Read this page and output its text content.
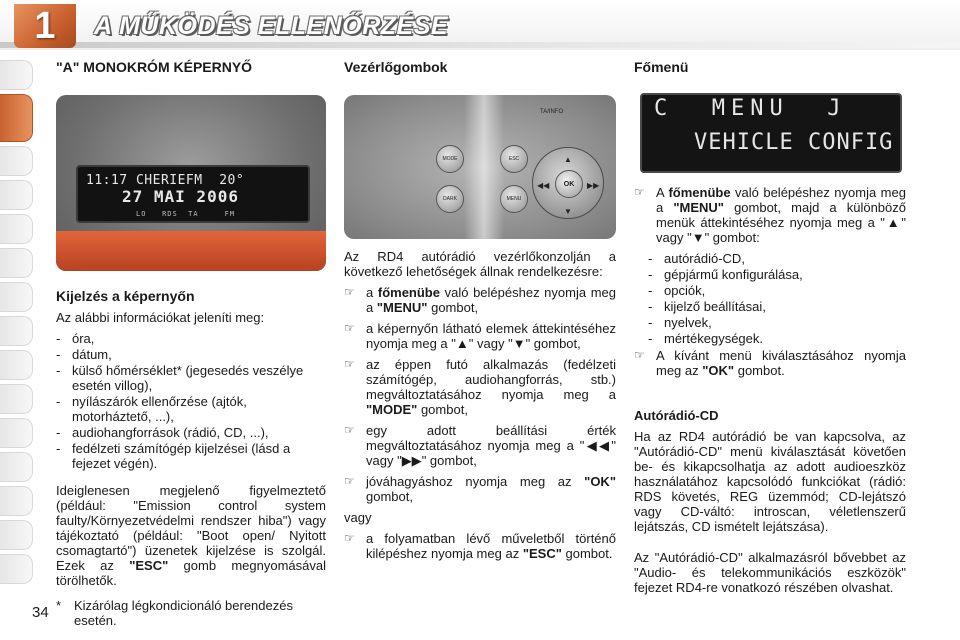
1	A MŰKÖDÉS ELLENŐRZÉSE
"A" MONOKRÓM KÉPERNYŐ
11:17 CHERIEFM  20°
27 MAI 2006
LO   RDS  TA     FM
Kijelzés a képernyőn
Az alábbi információkat jeleníti meg:
- óra,
- dátum,
- külső hőmérséklet* (jegesedés veszélye esetén villog),
- nyílászárók ellenőrzése (ajtók, motorháztető, ...),
- audiohangforrások (rádió, CD, ...),
- fedélzeti számítógép kijelzései (lásd a fejezet végén).
Ideiglenesen megjelenő figyelmeztető (például: "Emission control system faulty/Környezetvédelmi rendszer hiba") vagy tájékoztató (például: "Boot open/ Nyitott csomagtartó") üzenetek kijelzése is szolgál. Ezek az "ESC" gomb megnyomásával törölhetők.
* Kizárólag légkondicionáló berendezés esetén.
Vezérlőgombok
TA/INFO
MODE
DARK
ESC
MENU
▲
▼
◀◀	▶▶
OK
Az RD4 autórádió vezérlőkonzolján a következő lehetőségek állnak rendelkezésre:
☞ a főmenübe való belépéshez nyomja meg a "MENU" gombot,
☞ a képernyőn látható elemek áttekintéséhez nyomja meg a "▲" vagy "▼" gombot,
☞ az éppen futó alkalmazás (fedélzeti számítógép, audiohangforrás, stb.) megváltoztatásához nyomja meg a "MODE" gombot,
☞ egy adott beállítási érték megváltoztatásához nyomja meg a "◀◀" vagy "▶▶" gombot,
☞ jóváhagyáshoz nyomja meg az "OK" gombot,
vagy
☞ a folyamatban lévő műveletből történő kilépéshez nyomja meg az "ESC" gombot.
Főmenü
C  MENU  J
VEHICLE CONFIG
☞ A főmenübe való belépéshez nyomja meg a "MENU" gombot, majd a különböző menük áttekintéséhez nyomja meg a "▲" vagy "▼" gombot:
- autórádió-CD,
- gépjármű konfigurálása,
- opciók,
- kijelző beállításai,
- nyelvek,
- mértékegységek.
☞ A kívánt menü kiválasztásához nyomja meg az "OK" gombot.
Autórádió-CD
Ha az RD4 autórádió be van kapcsolva, az "Autórádió-CD" menü kiválasztását követően be- és kikapcsolhatja az adott audioeszköz használatához kapcsolódó funkciókat (rádió: RDS követés, REG üzemmód; CD-lejátszó vagy CD-váltó: introscan, véletlenszerű lejátszás, CD ismételt lejátszása).
Az "Autórádió-CD" alkalmazásról bővebbet az "Audio- és telekommunikációs eszközök" fejezet RD4-re vonatkozó részében olvashat.
34
